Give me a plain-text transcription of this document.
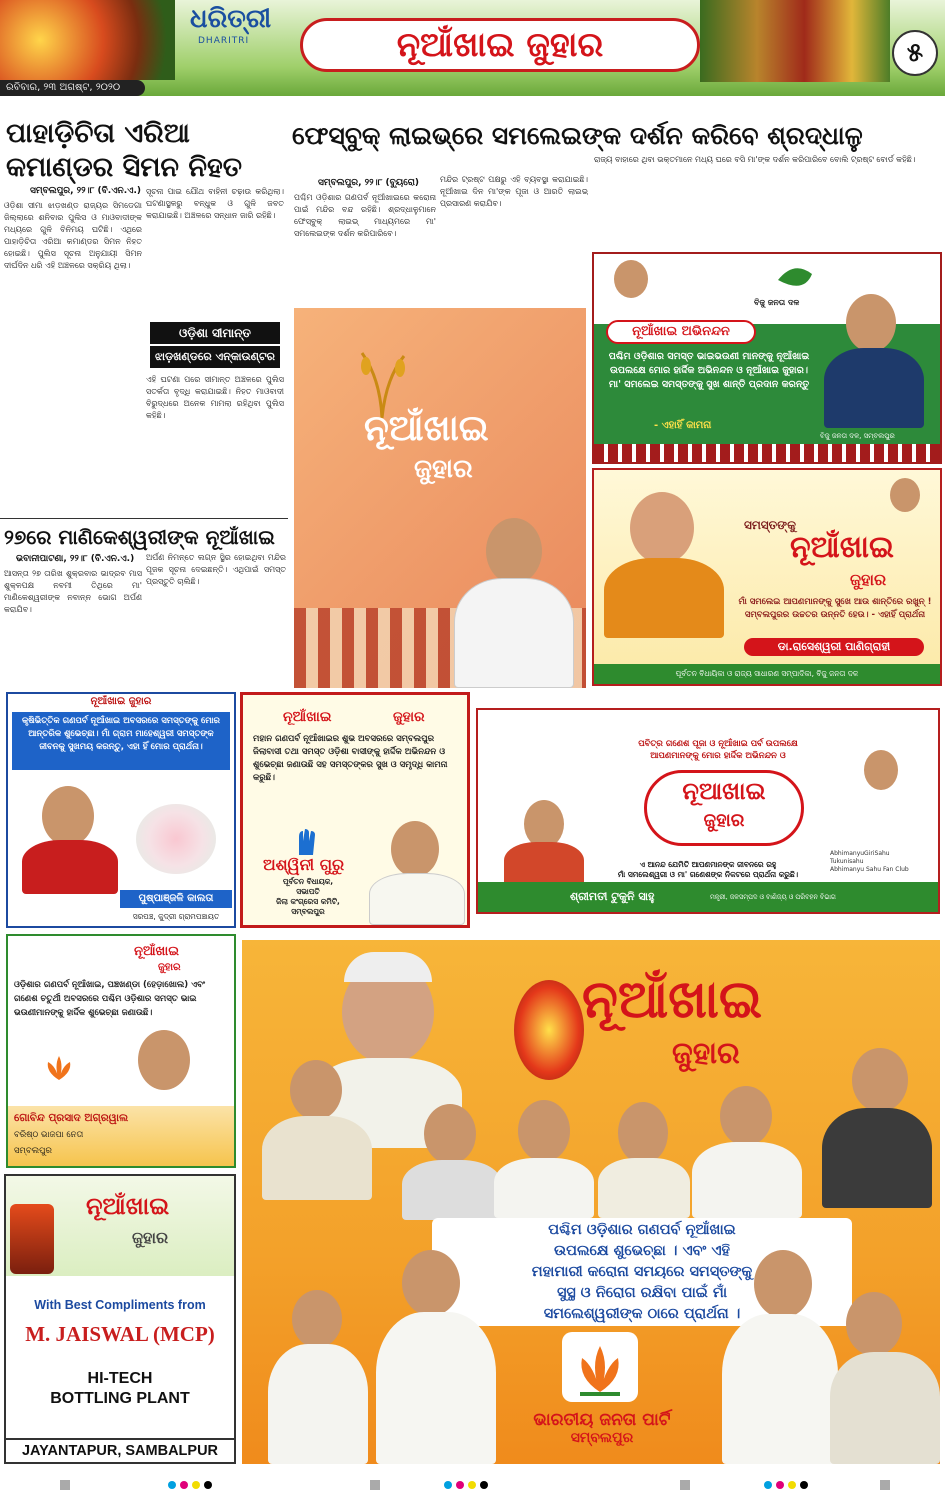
ଧରିତ୍ରୀ
DHARITRI	ନୂଆଁଖାଇ ଜୁହାର	୫
ରବିବାର, ୨୩ ଅଗଷ୍ଟ, ୨୦୨୦
ପାହାଡ଼ିଚିତା ଏରିଆ
କମାଣ୍ଡର ସିମନ ନିହତ
ସମ୍ବଲପୁର, ୨୨।୮ (ବି.ଏନ.ଏ.)
ଓଡ଼ିଶା ସୀମା ଝାଡ଼ଖଣ୍ଡ ରାଜ୍ୟର ସିମଡେଗା ଜିଲ୍ଲାରେ ଶନିବାର ପୁଲିସ ଓ ମାଓବାଦୀଙ୍କ ମଧ୍ୟରେ ଗୁଳି ବିନିମୟ ଘଟିଛି। ଏଥିରେ ପାହାଡ଼ିଚିତା ଏରିଆ କମାଣ୍ଡର ସିମନ ନିହତ ହୋଇଛି। ପୁଲିସ ସୂଚନା ଅନୁଯାୟୀ ସିମନ ଦୀର୍ଘଦିନ ଧରି ଏହି ଅଞ୍ଚଳରେ ସକ୍ରିୟ ଥିଲା।
ସୂଚନା ପାଇ ଯୌଥ ବାହିନୀ ଚଢ଼ାଉ କରିଥିଲା। ଘଟଣାସ୍ଥଳରୁ ବନ୍ଧୁକ ଓ ଗୁଳି ଜବତ କରାଯାଇଛି। ଅଞ୍ଚଳରେ ସନ୍ଧାନ ଜାରି ରହିଛି।
ଓଡ଼ିଶା ସୀମାନ୍ତ
ଝାଡ଼ଖଣ୍ଡରେ ଏନ୍‌କାଉଣ୍ଟର
ଏହି ଘଟଣା ପରେ ସୀମାନ୍ତ ଅଞ୍ଚଳରେ ପୁଲିସ ସତର୍କତା ବୃଦ୍ଧି କରାଯାଇଛି। ନିହତ ମାଓବାଦୀ ବିରୁଦ୍ଧରେ ଅନେକ ମାମଲା ରହିଥିବା ପୁଲିସ କହିଛି।
୨୭ରେ ମାଣିକେଶ୍ୱରୀଙ୍କ ନୂଆଁଖାଇ
ଭବାନୀପାଟଣା, ୨୨।୮ (ବି.ଏନ.ଏ.)
ଆସନ୍ତା ୨୭ ତାରିଖ ଶୁକ୍ରବାର ଭାଦ୍ରବ ମାସ ଶୁକ୍ଳପକ୍ଷ ନବମୀ ତିଥିରେ ମା' ମାଣିକେଶ୍ୱରୀଙ୍କ ନବାନ୍ନ ଭୋଗ ଅର୍ପଣ କରାଯିବ।
ଅର୍ପଣ ନିମନ୍ତେ ଲଗ୍ନ ସ୍ଥିର ହୋଇଥିବା ମନ୍ଦିର ପୂଜକ ସୂଚନା ଦେଇଛନ୍ତି। ଏଥିପାଇଁ ସମସ୍ତ ପ୍ରସ୍ତୁତି ଚାଲିଛି।
ଫେସ୍‌ବୁକ୍ ଲାଇଭ୍‌ରେ ସମଲେଇଙ୍କ ଦର୍ଶନ କରିବେ ଶ୍ରଦ୍ଧାଳୁ
ସମ୍ବଲପୁର, ୨୨।୮ (ବ୍ୟୁରୋ)
ପଶ୍ଚିମ ଓଡ଼ିଶାର ଗଣପର୍ବ ନୂଆଁଖାଇରେ କରୋନା ପାଇଁ ମନ୍ଦିର ବନ୍ଦ ରହିଛି। ଶ୍ରଦ୍ଧାଳୁମାନେ ଫେସ୍‌ବୁକ୍ ଲାଇଭ୍ ମାଧ୍ୟମରେ ମା' ସମଲେଇଙ୍କ ଦର୍ଶନ କରିପାରିବେ।
ମନ୍ଦିର ଟ୍ରଷ୍ଟ ପକ୍ଷରୁ ଏହି ବ୍ୟବସ୍ଥା କରାଯାଇଛି। ନୂଆଁଖାଇ ଦିନ ମା'ଙ୍କ ପୂଜା ଓ ଆରତି ଲାଇଭ୍ ପ୍ରସାରଣ କରାଯିବ।
ରାଜ୍ୟ ବାହାରେ ଥିବା ଭକ୍ତମାନେ ମଧ୍ୟ ଘରେ ବସି ମା'ଙ୍କ ଦର୍ଶନ କରିପାରିବେ ବୋଲି ଟ୍ରଷ୍ଟ ବୋର୍ଡ କହିଛି।
ନୂଆଁଖାଇ
ଜୁହାର
ବିଜୁ ଜନତା ଦଳ
ନୂଆଁଖାଇ ଅଭିନନ୍ଦନ
ପଶ୍ଚିମ ଓଡ଼ିଶାର ସମସ୍ତ ଭାଇଭଉଣୀ ମାନଙ୍କୁ ନୂଆଁଖାଇ ଉପଲକ୍ଷେ ମୋର ହାର୍ଦ୍ଦିକ ଅଭିନନ୍ଦନ ଓ ନୂଆଁଖାଇ ଜୁହାର। ମା' ସମଲେଇ ସମସ୍ତଙ୍କୁ ସୁଖ ଶାନ୍ତି ପ୍ରଦାନ କରନ୍ତୁ
- ଏହାହିଁ କାମନା
ବିଜୁ ଜନତା ଦଳ, ସମ୍ବଲପୁର
ସମସ୍ତଙ୍କୁ
ନୂଆଁଖାଇ
ଜୁହାର
ମାଁ ସମଲେଇ ଆପଣମାନଙ୍କୁ ସୁଖେ ଆଉ ଶାନ୍ତିରେ ରଖୁନ୍‌ !
ସମ୍ବଲପୁରର ଉଚ୍ଚତର ଉନ୍ନତି ହେଉ। - ଏହାହିଁ ପ୍ରାର୍ଥନା
ଡା.ରାସେଶ୍ୱରୀ ପାଣିଗ୍ରାହୀ
ପୂର୍ବତନ ବିଧାୟିକା ଓ ରାଜ୍ୟ ସାଧାରଣ ସମ୍ପାଦିକା, ବିଜୁ ଜନତା ଦଳ
ନୂଆଁଖାଇ ଜୁହାର
କୃଷିଭିତ୍ତିକ ଗଣପର୍ବ ନୂଆଁଖାଇ ଅବସରରେ ସମସ୍ତଙ୍କୁ ମୋର ଆନ୍ତରିକ ଶୁଭେଚ୍ଛା। ମାଁ ଗ୍ରାମ ମାହେଶ୍ୱରୀ ସମସ୍ତଙ୍କ ଜୀବନକୁ ସୁଖମୟ କରନ୍ତୁ, ଏହା ହିଁ ମୋର ପ୍ରାର୍ଥନା।
ପୁଷ୍ପାଞ୍ଜଳି କାଲତା
ସରପଞ୍ଚ, କୁଦ୍ରୀ ଗ୍ରାମପଞ୍ଚାୟତ
ନୂଆଁଖାଇ	ଜୁହାର
ମହାନ ଗଣପର୍ବ ନୂଆଁଖାଇର ଶୁଭ ଅବସରରେ ସମ୍ବଲପୁର ଜିଲାବାସୀ ତଥା ସମସ୍ତ ଓଡ଼ିଶା ବାସୀଙ୍କୁ ହାର୍ଦ୍ଦିକ ଅଭିନନ୍ଦନ ଓ ଶୁଭେଚ୍ଛା ଜଣାଉଛି ସହ ସମସ୍ତଙ୍କର ସୁଖ ଓ ସମୃଦ୍ଧି କାମନା କରୁଛି।
ଅଶ୍ୱିନୀ ଗୁରୁ
ପୂର୍ବତନ ବିଧାୟକ,
ସଭାପତି
ଜିଲା କଂଗ୍ରେସ କମିଟି,
ସମ୍ବଲପୁର
ପବିତ୍ର ଗଣେଶ ପୂଜା ଓ ନୂଆଁଖାଇ ପର୍ବ ଉପଲକ୍ଷେ
ଆପଣମାନଙ୍କୁ ମୋର ହାର୍ଦ୍ଦିକ ଅଭିନନ୍ଦନ ଓ
ନୂଆଖାଇ
ଜୁହାର
ଏ ଆନନ୍ଦ ଯେମିତି ଆପଣମାନଙ୍କ ଜୀବନରେ ରହୁ
ମାଁ ସମଲେଶ୍ୱରୀ ଓ ମା' ଗଣେଶଙ୍କ ନିକଟରେ ପ୍ରାର୍ଥନା କରୁଛି।
ଶ୍ରୀମତୀ ଟୁକୁନି ସାହୁ	ମନ୍ତ୍ରୀ, ଜଳସମ୍ପଦ ଓ ବାଣିଜ୍ୟ ଓ ପରିବହନ ବିଭାଗ
AbhimanyuGiriSahu
Tukunisahu
Abhimanyu Sahu Fan Club
ନୂଆଁଖାଇ
ଜୁହାର
ଓଡ଼ିଶାର ଗଣପର୍ବ ନୂଆଁଖାଇ, ପଞ୍ଚଖଣ୍ଡା (ହେଡ଼ାଖୋଲ) ଏବଂ ଗଣେଶ ଚତୁର୍ଥୀ ଅବସରରେ ପଶ୍ଚିମ ଓଡ଼ିଶାର ସମସ୍ତ ଭାଇ ଭଉଣୀମାନଙ୍କୁ ହାର୍ଦ୍ଦିକ ଶୁଭେଚ୍ଛା ଜଣାଉଛି।
ଗୋବିନ୍ଦ ପ୍ରସାଦ ଅଗ୍ରୱାଲ
ବରିଷ୍ଠ ଭାଜପା ନେତା
ସମ୍ବଲପୁର
ନୂଆଁଖାଇ
ଜୁହାର
With Best Compliments from
M. JAISWAL (MCP)
HI-TECH
BOTTLING PLANT
JAYANTAPUR, SAMBALPUR
ନୂଆଁଖାଇ
ଜୁହାର
ପଶ୍ଚିମ ଓଡ଼ିଶାର ଗଣପର୍ବ ନୂଆଁଖାଇ
ଉପଲକ୍ଷେ ଶୁଭେଚ୍ଛା । ଏବଂ ଏହି
ମହାମାରୀ କରୋନା ସମୟରେ ସମସ୍ତଙ୍କୁ
ସୁସ୍ଥ ଓ ନିରୋଗ ରକ୍ଷିବା ପାଇଁ ମାଁ
ସମଲେଶ୍ୱରୀଙ୍କ ଠାରେ ପ୍ରାର୍ଥନା ।
ଭାରତୀୟ ଜନତା ପାର୍ଟି
ସମ୍ବଲପୁର
